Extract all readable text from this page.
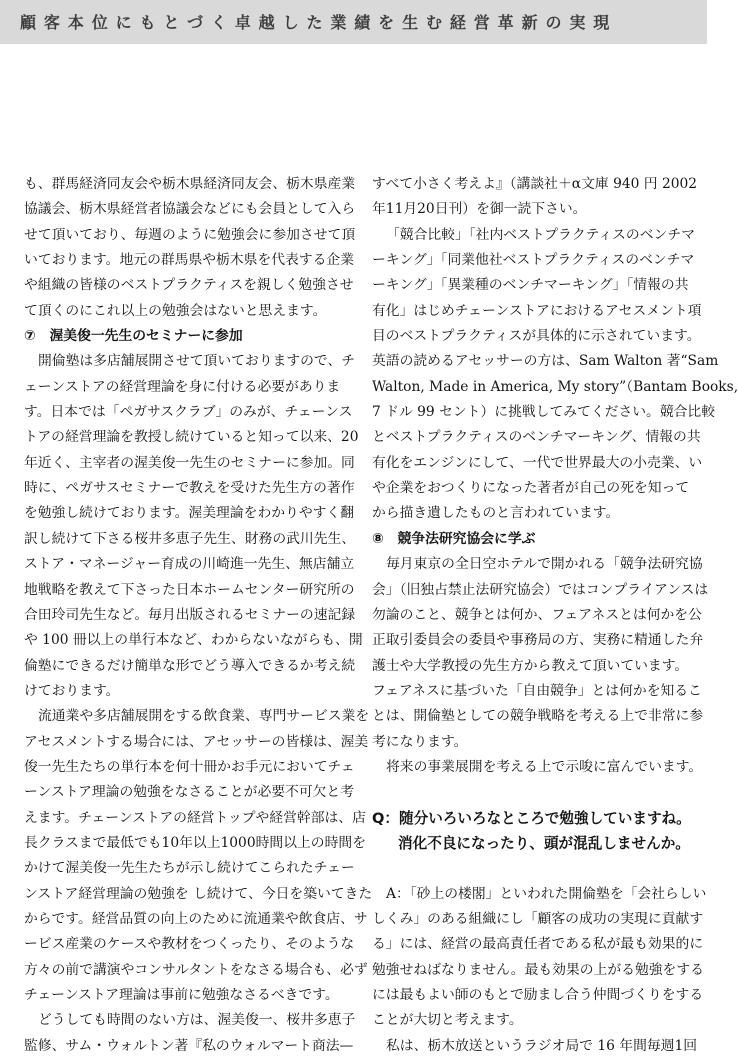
顧客本位にもとづく卓越した業績を生む経営革新の実現
も、群馬経済同友会や栃木県経済同友会、栃木県産業
協議会、栃木県経営者協議会などにも会員として入ら
せて頂いており、毎週のように勉強会に参加させて頂
いております。地元の群馬県や栃木県を代表する企業
や組織の皆様のベストプラクティスを親しく勉強させ
て頂くのにこれ以上の勉強会はないと思えます。
⑦　渥美俊一先生のセミナーに参加
開倫塾は多店舗展開させて頂いておりますので、チ
ェーンストアの経営理論を身に付ける必要がありま
す。日本では「ペガサスクラブ」のみが、チェーンス
トアの経営理論を教授し続けていると知って以来、20
年近く、主宰者の渥美俊一先生のセミナーに参加。同
時に、ペガサスセミナーで教えを受けた先生方の著作
を勉強し続けております。渥美理論をわかりやすく翻
訳し続けて下さる桜井多恵子先生、財務の武川先生、
ストア・マネージャー育成の川崎進一先生、無店舗立
地戦略を教えて下さった日本ホームセンター研究所の
合田玲司先生など。毎月出版されるセミナーの速記録
や 100 冊以上の単行本など、わからないながらも、開
倫塾にできるだけ簡単な形でどう導入できるか考え続
けております。
流通業や多店舗展開をする飲食業、専門サービス業を
アセスメントする場合には、アセッサーの皆様は、渥美
俊一先生たちの単行本を何十冊かお手元においてチェ
ーンストア理論の勉強をなさることが必要不可欠と考
えます。チェーンストアの経営トップや経営幹部は、店
長クラスまで最低でも10年以上1000時間以上の時間を
かけて渥美俊一先生たちが示し続けてこられたチェー
ンストア経営理論の勉強を し続けて、今日を築いてきた
からです。経営品質の向上のために流通業や飲食店、サ
ービス産業のケースや教材をつくったり、そのような
方々の前で講演やコンサルタントをなさる場合も、必ず
チェーンストア理論は事前に勉強なさるべきです。
どうしても時間のない方は、渥美俊一、桜井多恵子
監修、サム・ウォルトン著『私のウォルマート商法—
すべて小さく考えよ』（講談社＋α文庫 940 円 2002
年11月20日刊）を御一読下さい。
「競合比較」「社内ベストプラクティスのベンチマ
ーキング」「同業他社ベストプラクティスのベンチマ
ーキング」「異業種のベンチマーキング」「情報の共
有化」はじめチェーンストアにおけるアセスメント項
目のベストプラクティスが具体的に示されています。
英語の読めるアセッサーの方は、Sam Walton 著“Sam
Walton, Made in America, My story”（Bantam Books,
7 ドル 99 セント）に挑戦してみてください。競合比較
とベストプラクティスのベンチマーキング、情報の共
有化をエンジンにして、一代で世界最大の小売業、い
や企業をおつくりになった著者が自己の死を知って
から描き遺したものと言われています。
⑧　競争法研究協会に学ぶ
毎月東京の全日空ホテルで開かれる「競争法研究協
会」（旧独占禁止法研究協会）ではコンプライアンスは
勿論のこと、競争とは何か、フェアネスとは何かを公
正取引委員会の委員や事務局の方、実務に精通した弁
護士や大学教授の先生方から教えて頂いています。
フェアネスに基づいた「自由競争」とは何かを知るこ
とは、開倫塾としての競争戦略を考える上で非常に参
考になります。
将来の事業展開を考える上で示唆に富んでいます。
Q：随分いろいろなところで勉強していますね。
消化不良になったり、頭が混乱しませんか。
A：「砂上の楼閣」といわれた開倫塾を「会社らしい
しくみ」のある組織にし「顧客の成功の実現に貢献す
る」には、経営の最高責任者である私が最も効果的に
勉強せねばなりません。最も効果の上がる勉強をする
には最もよい師のもとで励まし合う仲間づくりをする
ことが大切と考えます。
私は、栃木放送というラジオ局で 16 年間毎週1回
